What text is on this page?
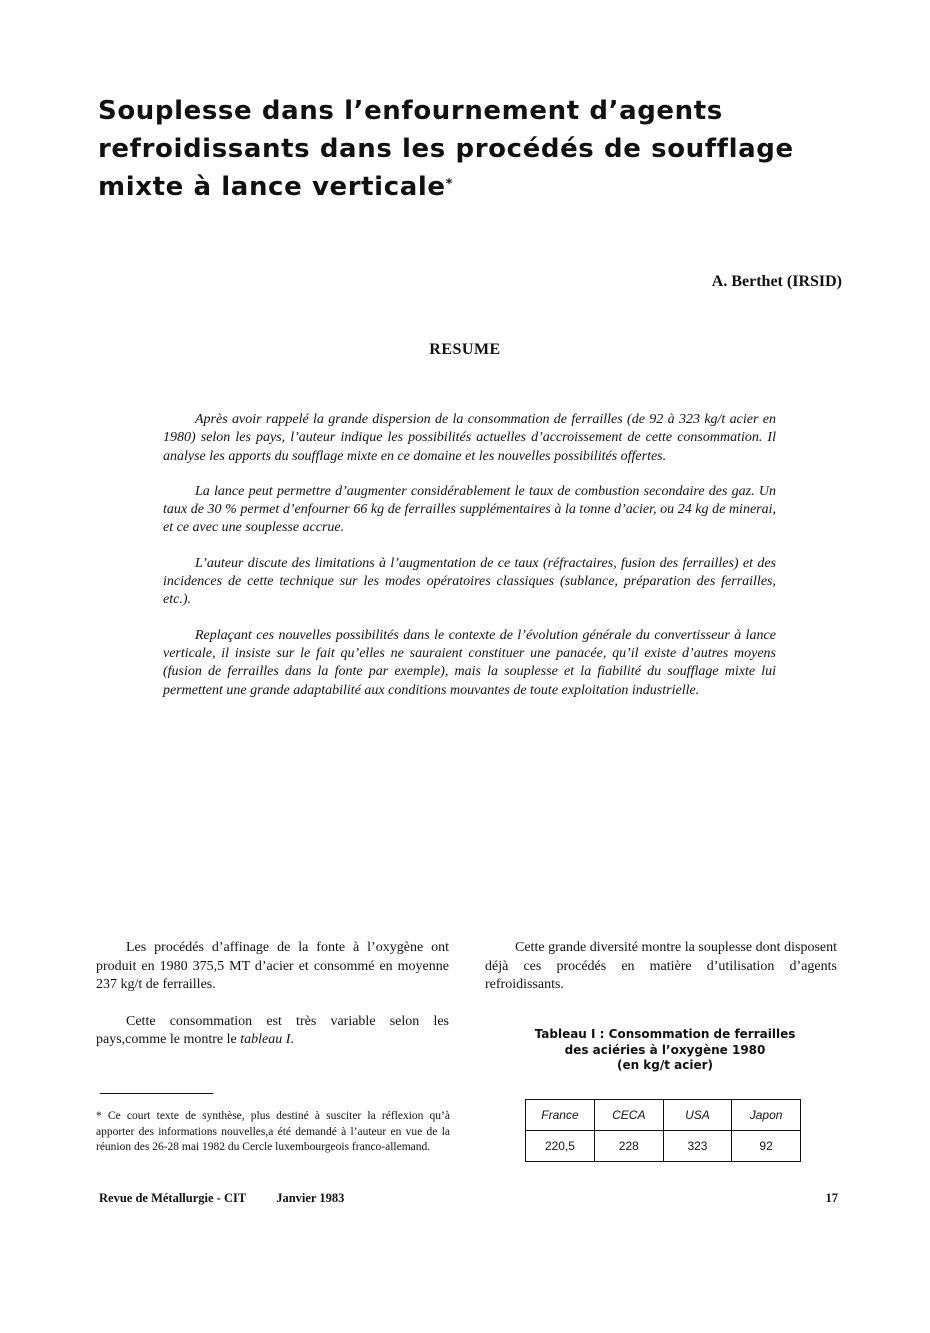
Souplesse dans l’enfournement d’agents
refroidissants dans les procédés de soufflage
mixte à lance verticale*
A. Berthet (IRSID)
RESUME

Après avoir rappelé la grande dispersion de la consommation de ferrailles (de 92 à 323 kg/t acier en 1980) selon les pays, l’auteur indique les possibilités actuelles d’accroissement de cette consommation. Il analyse les apports du soufflage mixte en ce domaine et les nouvelles possibilités offertes.

La lance peut permettre d’augmenter considérablement le taux de combustion secondaire des gaz. Un taux de 30 % permet d’enfourner 66 kg de ferrailles supplémentaires à la tonne d’acier, ou 24 kg de minerai, et ce avec une souplesse accrue.

L’auteur discute des limitations à l’augmentation de ce taux (réfractaires, fusion des ferrailles) et des incidences de cette technique sur les modes opératoires classiques (sublance, préparation des ferrailles, etc.).

Replaçant ces nouvelles possibilités dans le contexte de l’évolution générale du convertisseur à lance verticale, il insiste sur le fait qu’elles ne sauraient constituer une panacée, qu’il existe d’autres moyens (fusion de ferrailles dans la fonte par exemple), mais la souplesse et la fiabilité du soufflage mixte lui permettent une grande adaptabilité aux conditions mouvantes de toute exploitation industrielle.

Les procédés d’affinage de la fonte à l’oxygène ont produit en 1980 375,5 MT d’acier et consommé en moyenne 237 kg/t de ferrailles.

Cette consommation est très variable selon les pays,comme le montre le tableau I.

Cette grande diversité montre la souplesse dont disposent déjà ces procédés en matière d’utilisation d’agents refroidissants.

Tableau I : Consommation de ferrailles
des aciéries à l’oxygène 1980
(en kg/t acier)
France	CECA	USA	Japon
220,5	228	323	92
* Ce court texte de synthèse, plus destiné à susciter la réflexion qu’à apporter des informations nouvelles,a été demandé à l’auteur en vue de la réunion des 26-28 mai 1982 du Cercle luxembourgeois franco-allemand.
Revue de Métallurgie - CIT Janvier 1983	17
